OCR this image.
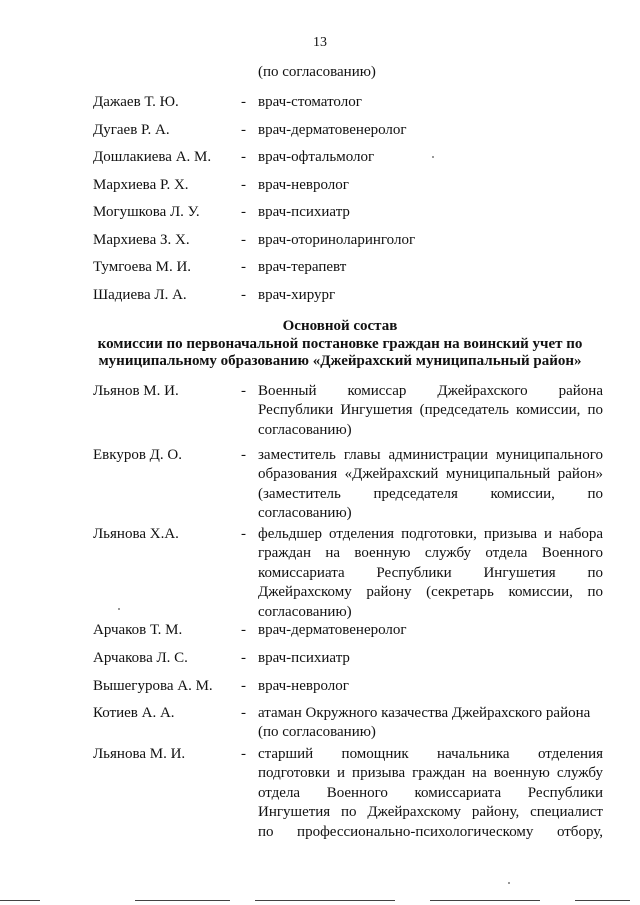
13
(по согласованию)
Дажаев Т. Ю.	- врач-стоматолог
Дугаев Р. А.	- врач-дерматовенеролог
Дошлакиева А. М. - врач-офтальмолог
Мархиева Р. Х.	- врач-невролог
Могушкова Л. У.	- врач-психиатр
Мархиева З. Х.	- врач-оториноларинголог
Тумгоева М. И.	- врач-терапевт
Шадиева Л. А.	- врач-хирург
Основной состав
комиссии по первоначальной постановке граждан на воинский учет по
муниципальному образованию «Джейрахский муниципальный район»
Льянов М. И.	- Военный комиссар Джейрахского района
Республики Ингушетия (председатель комиссии, по
согласованию)
Евкуров Д. О.	- заместитель главы администрации муниципального
образования «Джейрахский муниципальный район»
(заместитель председателя комиссии, по
согласованию)
Льянова Х.А.	- фельдшер отделения подготовки, призыва и набора
граждан на военную службу отдела Военного
комиссариата Республики Ингушетия по
Джейрахскому району (секретарь комиссии, по
согласованию)
Арчаков Т. М.	- врач-дерматовенеролог
Арчакова Л. С.	- врач-психиатр
Вышегурова А. М. - врач-невролог
Котиев А. А.	- атаман Окружного казачества Джейрахского района
(по согласованию)
Льянова М. И.	- старший помощник начальника отделения
подготовки и призыва граждан на военную службу
отдела Военного комиссариата Республики
Ингушетия по Джейрахскому району, специалист
по профессионально-психологическому отбору,
